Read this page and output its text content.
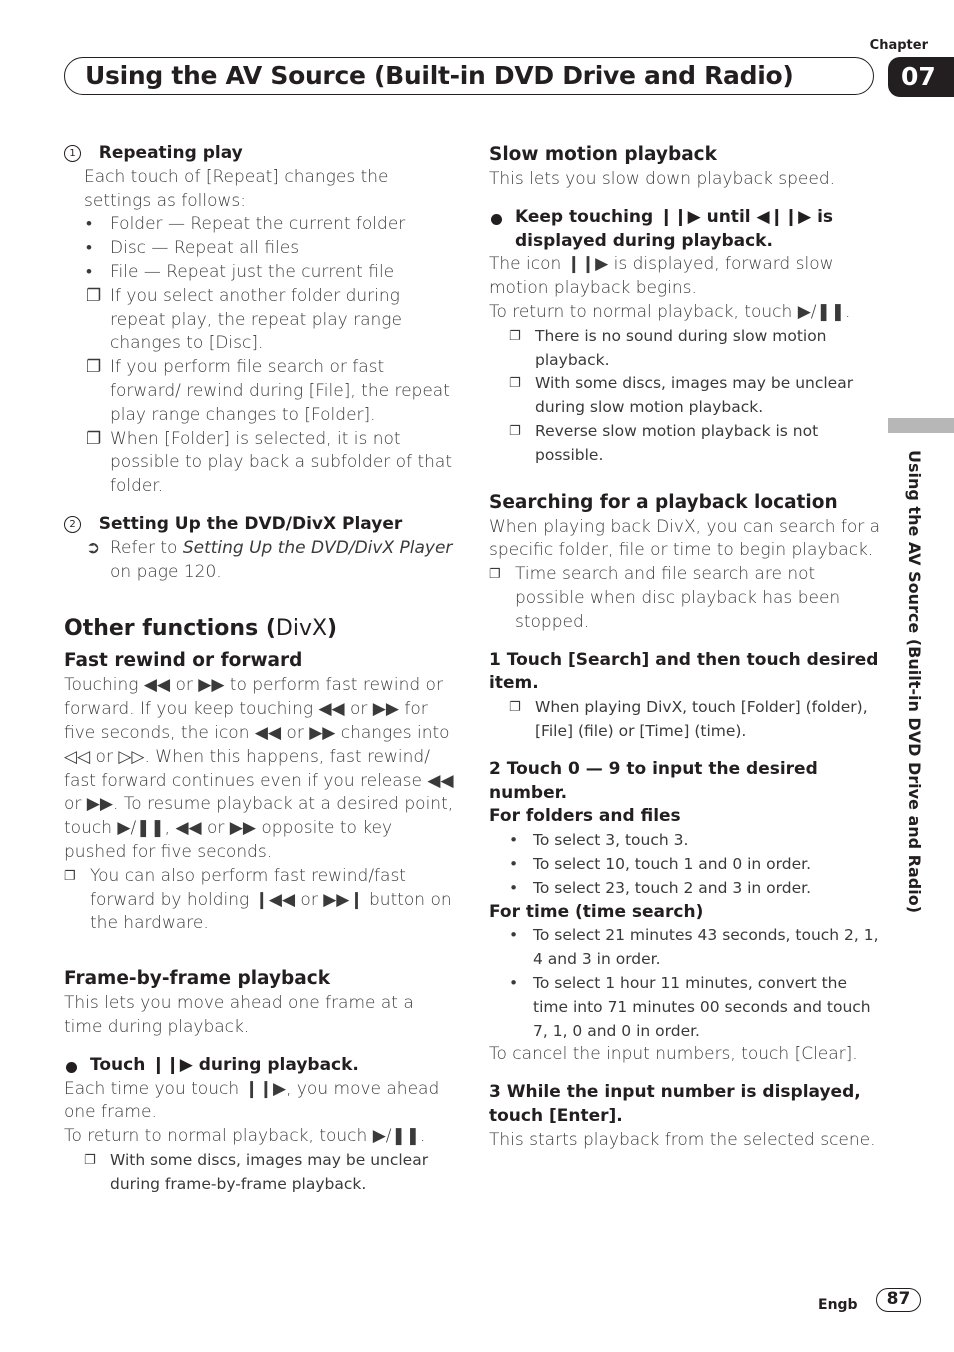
Chapter
07
Using the AV Source (Built-in DVD Drive and Radio)
Using the AV Source (Built-in DVD Drive and Radio)
1 Repeating play
Each touch of [Repeat] changes the settings as follows:
• Folder — Repeat the current folder
• Disc — Repeat all files
• File — Repeat just the current file
❐ If you select another folder during repeat play, the repeat play range changes to [Disc].
❐ If you perform file search or fast forward/ rewind during [File], the repeat play range changes to [Folder].
❐ When [Folder] is selected, it is not possible to play back a subfolder of that folder.
2 Setting Up the DVD/DivX Player
➲ Refer to Setting Up the DVD/DivX Player on page 120.
Other functions (DivX)
Fast rewind or forward
Touching ◀◀ or ▶▶ to perform fast rewind or forward. If you keep touching ◀◀ or ▶▶ for five seconds, the icon ◀◀ or ▶▶ changes into ◁◁ or ▷▷. When this happens, fast rewind/ fast forward continues even if you release ◀◀ or ▶▶. To resume playback at a desired point, touch ▶/❚❚, ◀◀ or ▶▶ opposite to key pushed for five seconds.
❐ You can also perform fast rewind/fast forward by holding ❙◀◀ or ▶▶❙ button on the hardware.
Frame-by-frame playback
This lets you move ahead one frame at a time during playback.
Touch ❙❙▶ during playback.
Each time you touch ❙❙▶, you move ahead one frame.
To return to normal playback, touch ▶/❚❚.
❐ With some discs, images may be unclear during frame-by-frame playback.
Slow motion playback
This lets you slow down playback speed.
Keep touching ❙❙▶ until ◀❙❙▶ is displayed during playback.
The icon ❙❙▶ is displayed, forward slow motion playback begins.
To return to normal playback, touch ▶/❚❚.
❐ There is no sound during slow motion playback.
❐ With some discs, images may be unclear during slow motion playback.
❐ Reverse slow motion playback is not possible.
Searching for a playback location
When playing back DivX, you can search for a specific folder, file or time to begin playback.
❐ Time search and file search are not possible when disc playback has been stopped.
1 Touch [Search] and then touch desired item.
❐ When playing DivX, touch [Folder] (folder), [File] (file) or [Time] (time).
2 Touch 0 — 9 to input the desired number.
For folders and files
• To select 3, touch 3.
• To select 10, touch 1 and 0 in order.
• To select 23, touch 2 and 3 in order.
For time (time search)
• To select 21 minutes 43 seconds, touch 2, 1, 4 and 3 in order.
• To select 1 hour 11 minutes, convert the time into 71 minutes 00 seconds and touch 7, 1, 0 and 0 in order.
To cancel the input numbers, touch [Clear].
3 While the input number is displayed, touch [Enter].
This starts playback from the selected scene.
Engb	87
